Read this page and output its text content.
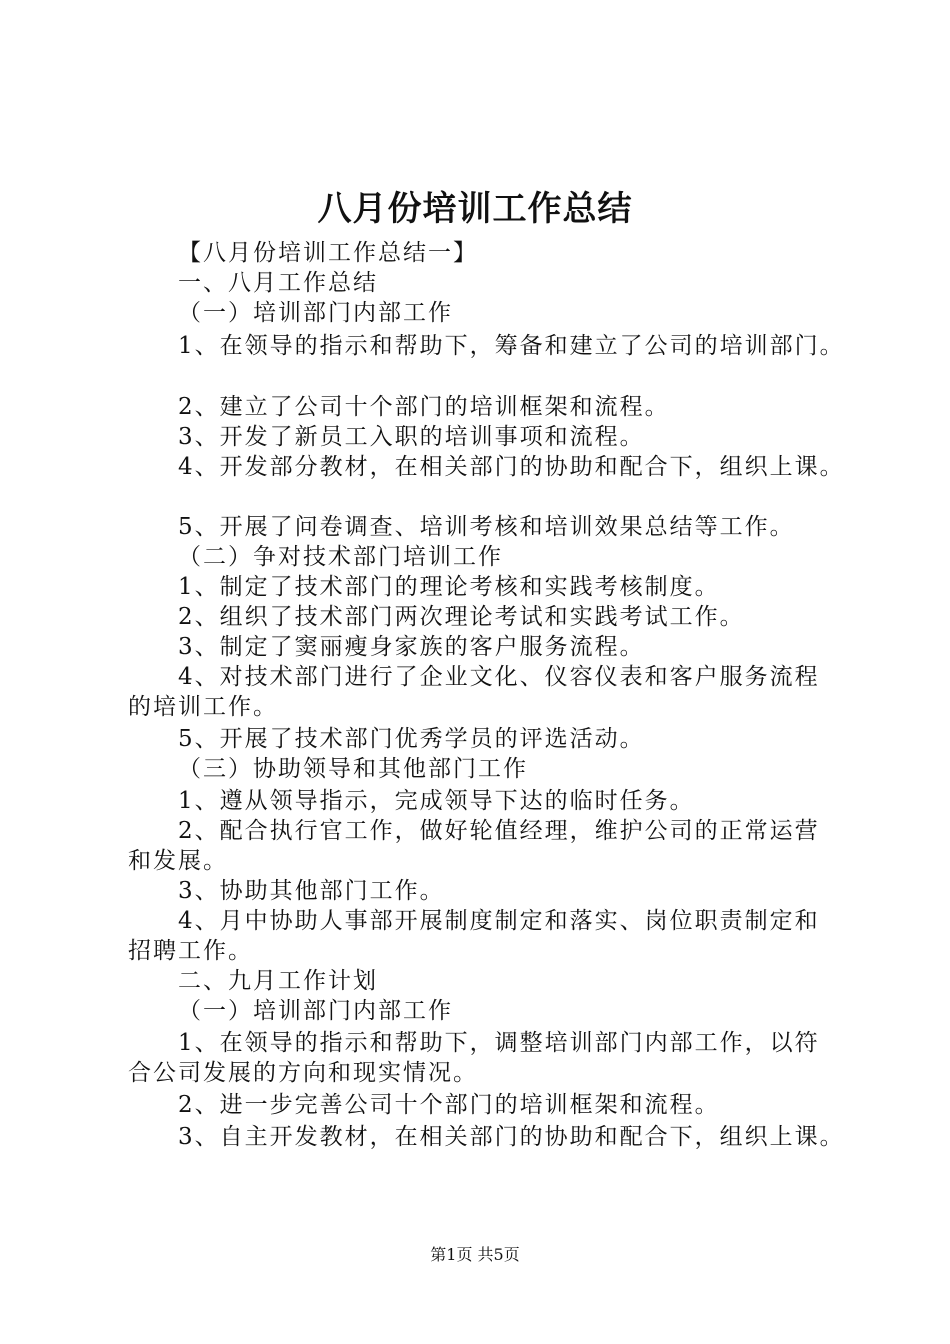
八月份培训工作总结
【八月份培训工作总结一】
一、八月工作总结
（一）培训部门内部工作
1、在领导的指示和帮助下，筹备和建立了公司的培训部门。
2、建立了公司十个部门的培训框架和流程。
3、开发了新员工入职的培训事项和流程。
4、开发部分教材，在相关部门的协助和配合下，组织上课。
5、开展了问卷调查、培训考核和培训效果总结等工作。
（二）争对技术部门培训工作
1、制定了技术部门的理论考核和实践考核制度。
2、组织了技术部门两次理论考试和实践考试工作。
3、制定了窦丽瘦身家族的客户服务流程。
4、对技术部门进行了企业文化、仪容仪表和客户服务流程
的培训工作。
5、开展了技术部门优秀学员的评选活动。
（三）协助领导和其他部门工作
1、遵从领导指示，完成领导下达的临时任务。
2、配合执行官工作，做好轮值经理，维护公司的正常运营
和发展。
3、协助其他部门工作。
4、月中协助人事部开展制度制定和落实、岗位职责制定和
招聘工作。
二、九月工作计划
（一）培训部门内部工作
1、在领导的指示和帮助下，调整培训部门内部工作，以符
合公司发展的方向和现实情况。
2、进一步完善公司十个部门的培训框架和流程。
3、自主开发教材，在相关部门的协助和配合下，组织上课。
第1页 共5页
